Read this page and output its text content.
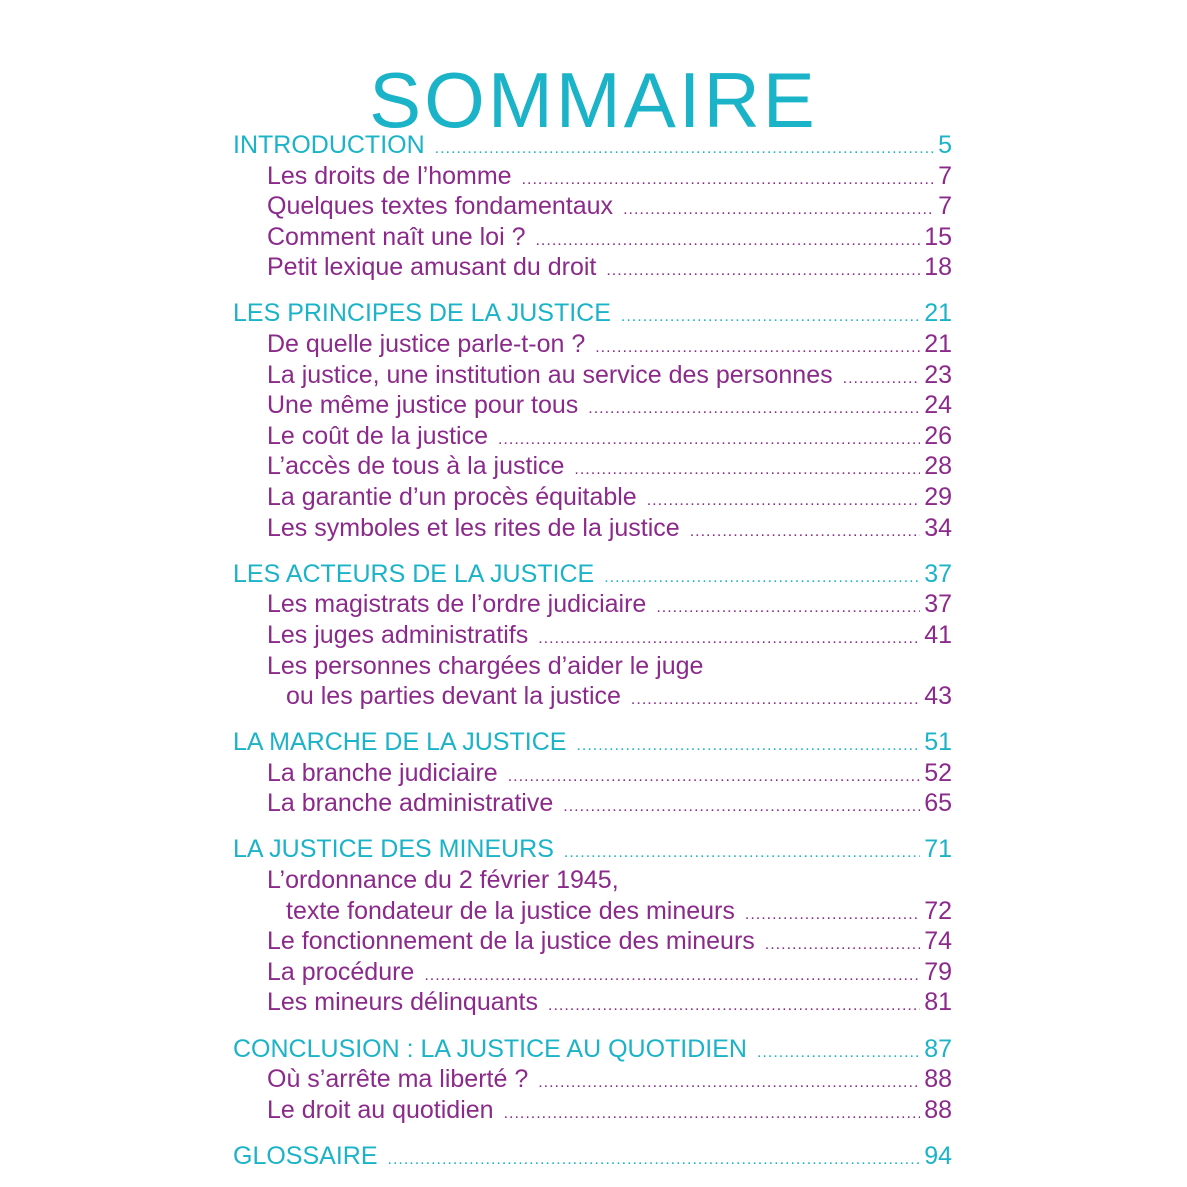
SOMMAIRE
INTRODUCTION .....	5
Les droits de l’homme .....	7
Quelques textes fondamentaux .....	7
Comment naît une loi ? .....	15
Petit lexique amusant du droit .....	18
LES PRINCIPES DE LA JUSTICE .....	21
De quelle justice parle-t-on ? .....	21
La justice, une institution au service des personnes .....	23
Une même justice pour tous .....	24
Le coût de la justice .....	26
L’accès de tous à la justice .....	28
La garantie d’un procès équitable .....	29
Les symboles et les rites de la justice .....	34
LES ACTEURS DE LA JUSTICE .....	37
Les magistrats de l’ordre judiciaire .....	37
Les juges administratifs .....	41
Les personnes chargées d’aider le juge
ou les parties devant la justice .....	43
LA MARCHE DE LA JUSTICE .....	51
La branche judiciaire .....	52
La branche administrative .....	65
LA JUSTICE DES MINEURS .....	71
L’ordonnance du 2 février 1945,
texte fondateur de la justice des mineurs .....	72
Le fonctionnement de la justice des mineurs .....	74
La procédure .....	79
Les mineurs délinquants .....	81
CONCLUSION : LA JUSTICE AU QUOTIDIEN .....	87
Où s’arrête ma liberté ? .....	88
Le droit au quotidien .....	88
GLOSSAIRE .....	94
